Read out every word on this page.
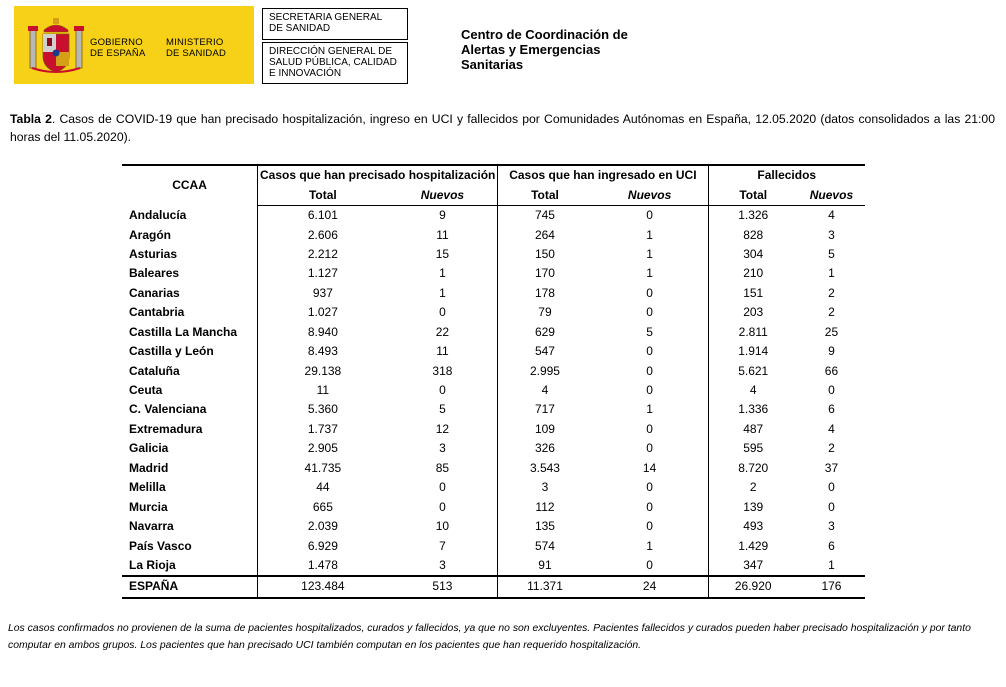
GOBIERNO
DE ESPAÑA
MINISTERIO
DE SANIDAD
SECRETARIA GENERAL
DE SANIDAD
DIRECCIÓN GENERAL DE
SALUD PÚBLICA, CALIDAD
E INNOVACIÓN
Centro de Coordinación de
Alertas y Emergencias
Sanitarias
Tabla 2. Casos de COVID-19 que han precisado hospitalización, ingreso en UCI y fallecidos por Comunidades Autónomas en España, 12.05.2020 (datos consolidados a las 21:00 horas del 11.05.2020).
CCAA	Casos que han precisado hospitalización		Casos que han ingresado en UCI		Fallecidos	
	Total	Nuevos	Total	Nuevos	Total	Nuevos
Andalucía	6.101	9	745	0	1.326	4
Aragón	2.606	11	264	1	828	3
Asturias	2.212	15	150	1	304	5
Baleares	1.127	1	170	1	210	1
Canarias	937	1	178	0	151	2
Cantabria	1.027	0	79	0	203	2
Castilla La Mancha	8.940	22	629	5	2.811	25
Castilla y León	8.493	11	547	0	1.914	9
Cataluña	29.138	318	2.995	0	5.621	66
Ceuta	11	0	4	0	4	0
C. Valenciana	5.360	5	717	1	1.336	6
Extremadura	1.737	12	109	0	487	4
Galicia	2.905	3	326	0	595	2
Madrid	41.735	85	3.543	14	8.720	37
Melilla	44	0	3	0	2	0
Murcia	665	0	112	0	139	0
Navarra	2.039	10	135	0	493	3
País Vasco	6.929	7	574	1	1.429	6
La Rioja	1.478	3	91	0	347	1
ESPAÑA	123.484	513	11.371	24	26.920	176
Los casos confirmados no provienen de la suma de pacientes hospitalizados, curados y fallecidos, ya que no son excluyentes. Pacientes fallecidos y curados pueden haber precisado hospitalización y por tanto computar en ambos grupos. Los pacientes que han precisado UCI también computan en los pacientes que han requerido hospitalización.
